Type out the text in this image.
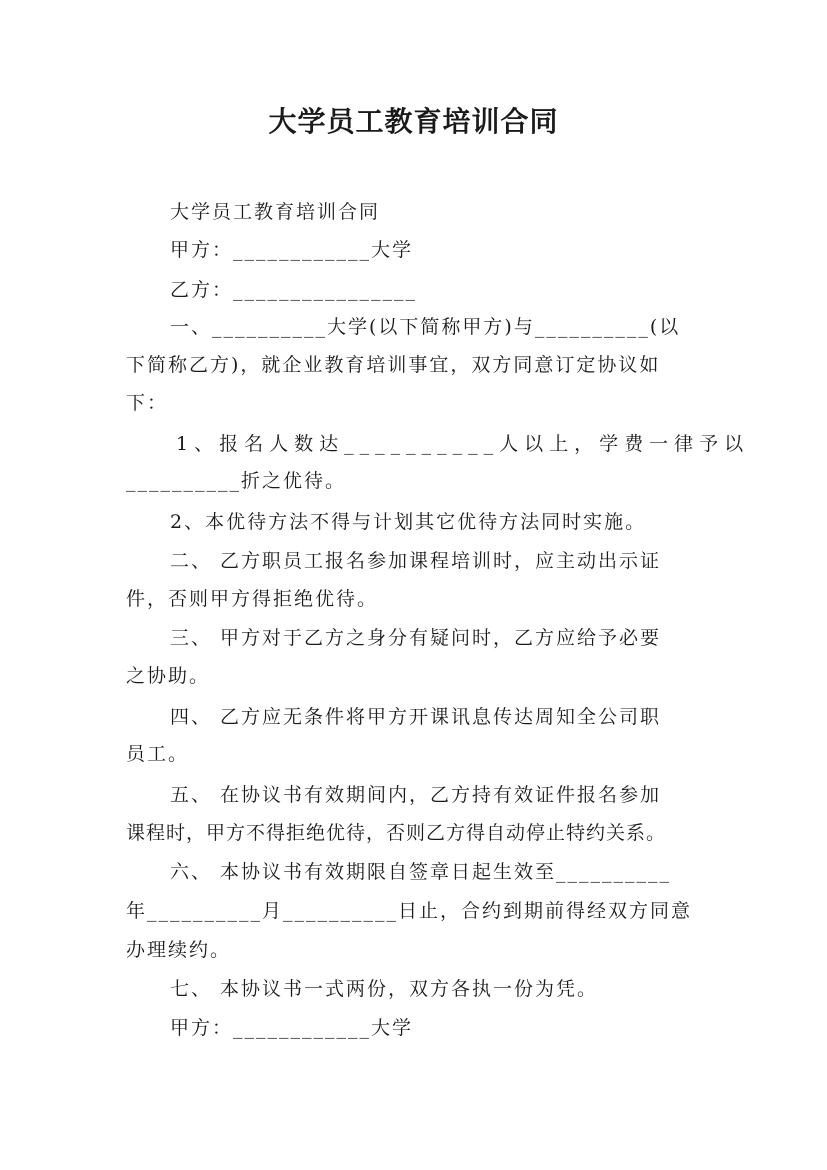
大学员工教育培训合同
大学员工教育培训合同
甲方：____________大学
乙方：________________
一、__________大学(以下简称甲方)与__________(以
下简称乙方)，就企业教育培训事宜，双方同意订定协议如
下：
1、报名人数达__________人以上，学费一律予以
__________折之优待。
2、本优待方法不得与计划其它优待方法同时实施。
二、 乙方职员工报名参加课程培训时，应主动出示证
件，否则甲方得拒绝优待。
三、 甲方对于乙方之身分有疑问时，乙方应给予必要
之协助。
四、 乙方应无条件将甲方开课讯息传达周知全公司职
员工。
五、 在协议书有效期间内，乙方持有效证件报名参加
课程时，甲方不得拒绝优待，否则乙方得自动停止特约关系。
六、 本协议书有效期限自签章日起生效至__________
年__________月__________日止，合约到期前得经双方同意
办理续约。
七、 本协议书一式两份，双方各执一份为凭。
甲方：____________大学
